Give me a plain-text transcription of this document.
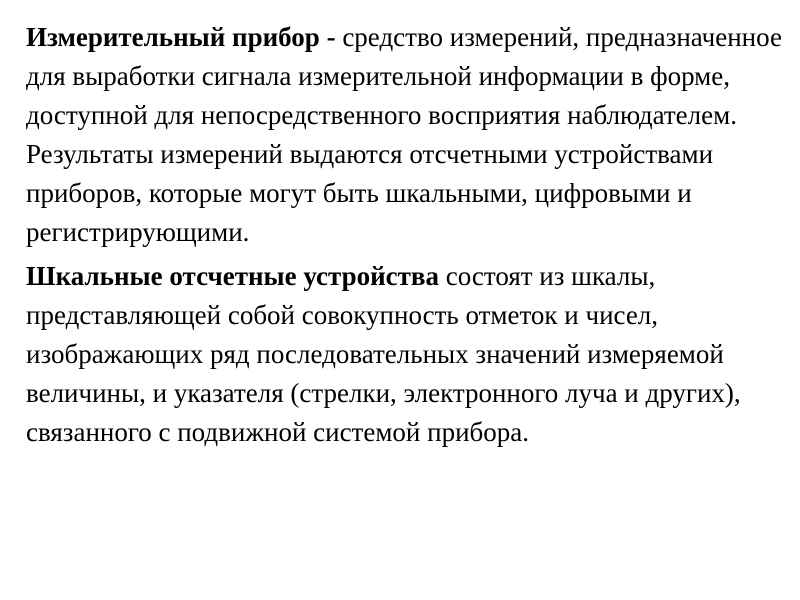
Измерительный прибор - средство измерений, предназначенное для выработки сигнала измерительной информации в форме, доступной для непосредственного восприятия наблюдателем. Результаты измерений выдаются отсчетными устройствами приборов, которые могут быть шкальными, цифровыми и регистрирующими.

Шкальные отсчетные устройства состоят из шкалы, представляющей собой совокупность отметок и чисел, изображающих ряд последовательных значений измеряемой величины, и указателя (стрелки, электронного луча и других), связанного с подвижной системой прибора.
